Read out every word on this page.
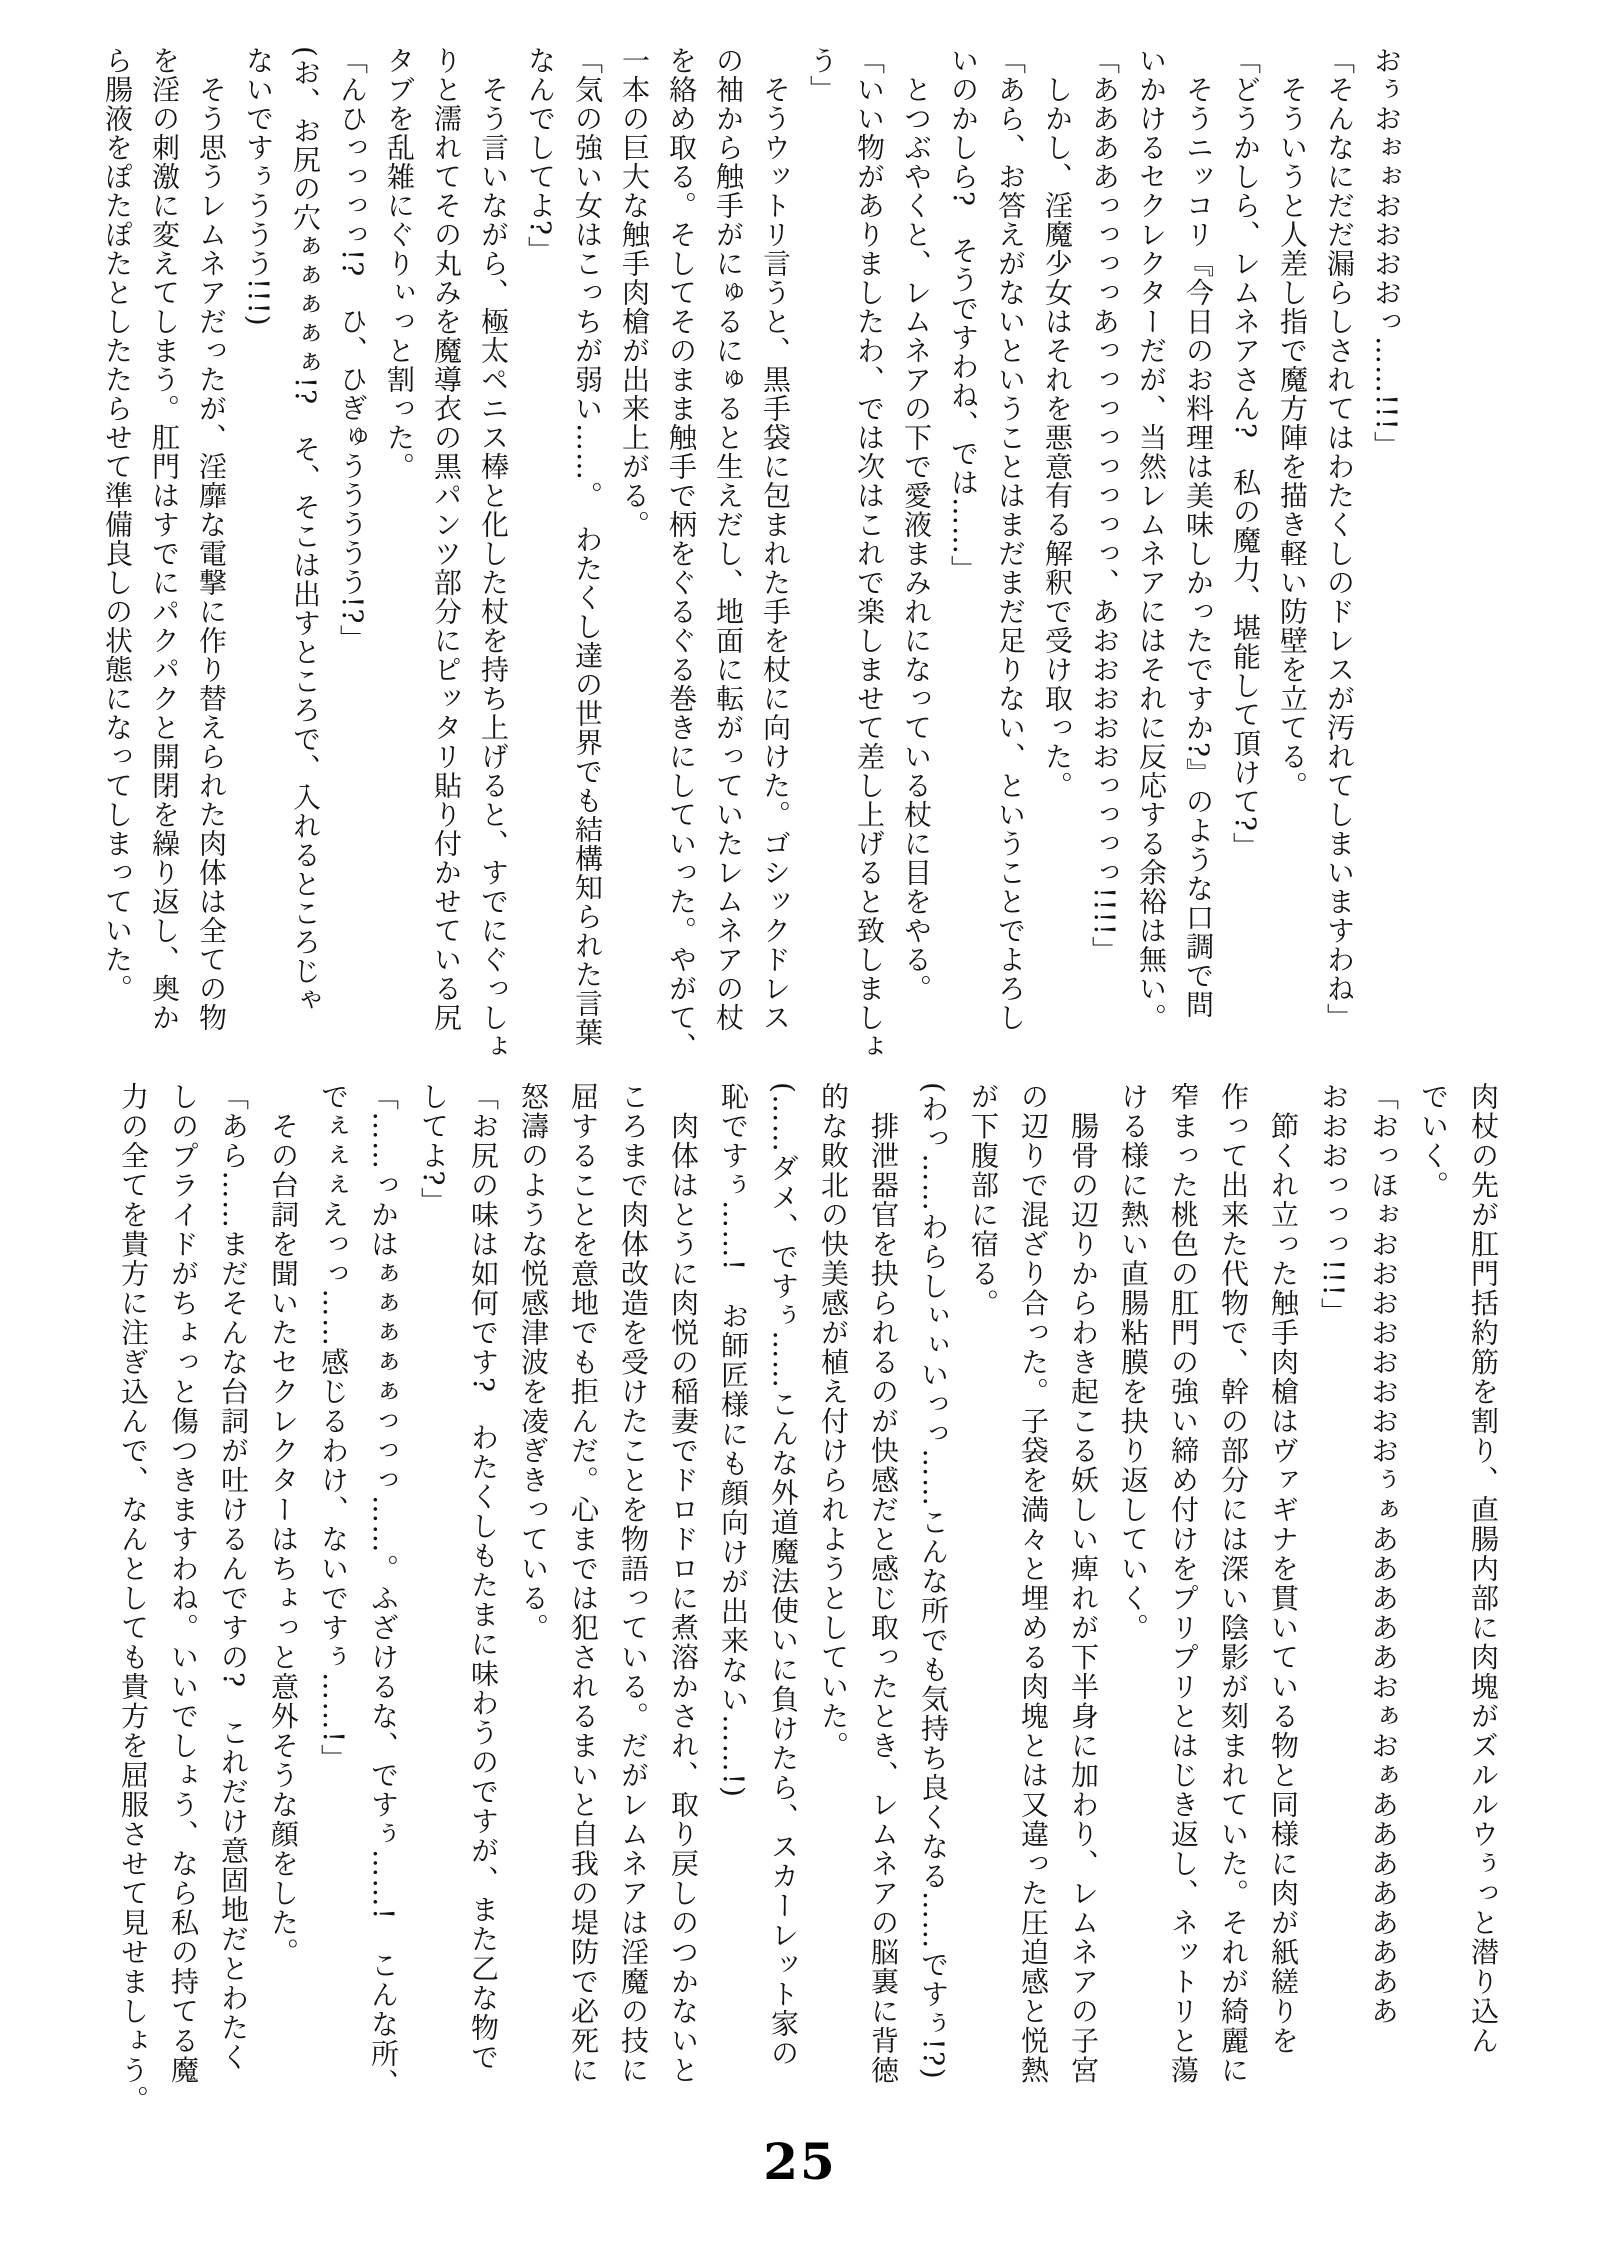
おぅおぉぉおおおおっ……!!!」

「そんなにだだ漏らしされてはわたくしのドレスが汚れてしまいますわね」

　そういうと人差し指で魔方陣を描き軽い防壁を立てる。

「どうかしら、レムネアさん?　私の魔力、堪能して頂けて?」

　そうニッコリ『今日のお料理は美味しかったですか?』のような口調で問

いかけるセクレクターだが、当然レムネアにはそれに反応する余裕は無い。

「ああああっっっっあっっっっっっっっ、あおおおおおっっっっ!!!!」

　しかし、淫魔少女はそれを悪意有る解釈で受け取った。

「あら、お答えがないということはまだまだ足りない、ということでよろし

いのかしら?　そうですわね、では……」

　とつぶやくと、レムネアの下で愛液まみれになっている杖に目をやる。

「いい物がありましたわ、では次はこれで楽しませて差し上げると致しましょ

う」

　そうウットリ言うと、黒手袋に包まれた手を杖に向けた。ゴシックドレス

の袖から触手がにゅるにゅると生えだし、地面に転がっていたレムネアの杖

を絡め取る。そしてそのまま触手で柄をぐるぐる巻きにしていった。やがて、

一本の巨大な触手肉槍が出来上がる。

「気の強い女はこっちが弱い……。　わたくし達の世界でも結構知られた言葉

なんでしてよ?」

　そう言いながら、極太ペニス棒と化した杖を持ち上げると、すでにぐっしょ

りと濡れてその丸みを魔導衣の黒パンツ部分にピッタリ貼り付かせている尻

タブを乱雑にぐりぃっと割った。

「んひっっっっ!?　ひ、ひぎゅううううう!?」

(お、お尻の穴ぁぁぁぁぁ!?　そ、そこは出すところで、入れるところじゃ

ないですぅううう!!!)

　そう思うレムネアだったが、淫靡な電撃に作り替えられた肉体は全ての物

を淫の刺激に変えてしまう。肛門はすでにパクパクと開閉を繰り返し、奥か

ら腸液をぽたぽたとしたたらせて準備良しの状態になってしまっていた。

肉杖の先が肛門括約筋を割り、直腸内部に肉塊がズルルウぅっと潜り込ん

でいく。

「おっほぉおおおおおおおおぅぁあああああおぁおぁああああああああ

おおおっっっ!!!」

　節くれ立った触手肉槍はヴァギナを貫いている物と同様に肉が紙縒りを

作って出来た代物で、幹の部分には深い陰影が刻まれていた。それが綺麗に

窄まった桃色の肛門の強い締め付けをプリプリとはじき返し、ネットリと蕩

ける様に熱い直腸粘膜を抉り返していく。

　腸骨の辺りからわき起こる妖しい痺れが下半身に加わり、レムネアの子宮

の辺りで混ざり合った。子袋を満々と埋める肉塊とは又違った圧迫感と悦熱

が下腹部に宿る。

(わっ……わらしぃぃいっっ……こんな所でも気持ち良くなる……ですぅ!?)

　排泄器官を抉られるのが快感だと感じ取ったとき、レムネアの脳裏に背徳

的な敗北の快美感が植え付けられようとしていた。

(……ダメ、ですぅ……こんな外道魔法使いに負けたら、スカーレット家の

恥ですぅ……!　お師匠様にも顔向けが出来ない……!)

　肉体はとうに肉悦の稲妻でドロドロに煮溶かされ、取り戻しのつかないと

ころまで肉体改造を受けたことを物語っている。だがレムネアは淫魔の技に

屈することを意地でも拒んだ。心までは犯されるまいと自我の堤防で必死に

怒濤のような悦感津波を凌ぎきっている。

「お尻の味は如何です?　わたくしもたまに味わうのですが、また乙な物で

してよ?」

「……っかはぁぁぁぁぁっっっ……。ふざけるな、ですぅ……!　こんな所、

でぇぇぇえっっ……感じるわけ、ないですぅ……!」

　その台詞を聞いたセクレクターはちょっと意外そうな顔をした。

「あら……まだそんな台詞が吐けるんですの?　これだけ意固地だとわたく

しのプライドがちょっと傷つきますわね。いいでしょう、なら私の持てる魔

力の全てを貴方に注ぎ込んで、なんとしても貴方を屈服させて見せましょう。

25
